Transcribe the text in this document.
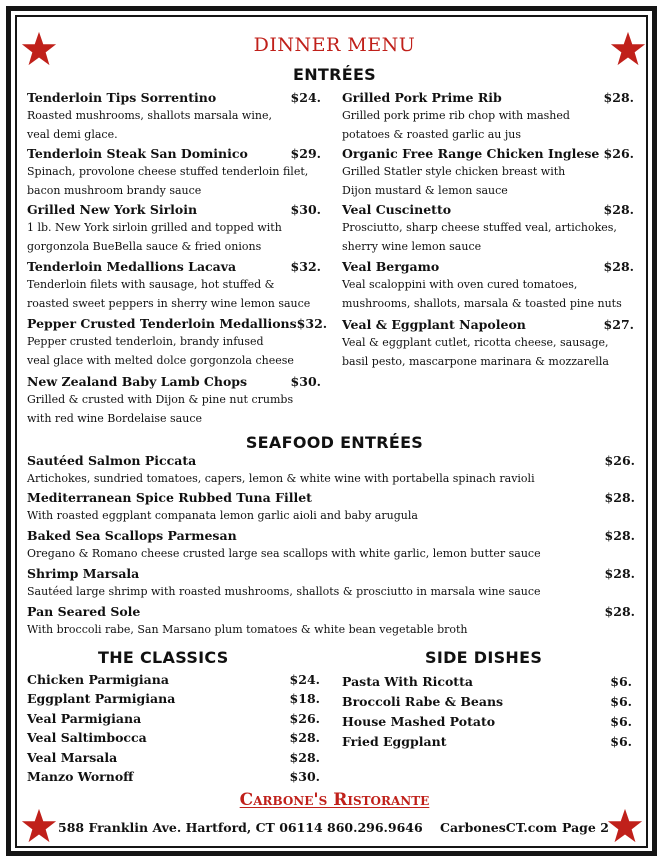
DINNER MENU
ENTRÉES
Tenderloin Tips Sorrentino	$24.
Roasted mushrooms, shallots marsala wine,
veal demi glace.
Tenderloin Steak San Dominico	$29.
Spinach, provolone cheese stuffed tenderloin filet,
bacon mushroom brandy sauce
Grilled New York Sirloin	$30.
1 lb. New York sirloin grilled and topped with
gorgonzola BueBella sauce & fried onions
Tenderloin Medallions Lacava	$32.
Tenderloin filets with sausage, hot stuffed &
roasted sweet peppers in sherry wine lemon sauce
Pepper Crusted Tenderloin Medallions $32.
Pepper crusted tenderloin, brandy infused
veal glace with melted dolce gorgonzola cheese
New Zealand Baby Lamb Chops	$30.
Grilled & crusted with Dijon & pine nut crumbs
with red wine Bordelaise sauce
Grilled Pork Prime Rib	$28.
Grilled pork prime rib chop with mashed
potatoes & roasted garlic au jus
Organic Free Range Chicken Inglese $26.
Grilled Statler style chicken breast with
Dijon mustard & lemon sauce
Veal Cuscinetto	$28.
Prosciutto, sharp cheese stuffed veal, artichokes,
sherry wine lemon sauce
Veal Bergamo	$28.
Veal scaloppini with oven cured tomatoes,
mushrooms, shallots, marsala & toasted pine nuts
Veal & Eggplant Napoleon	$27.
Veal & eggplant cutlet, ricotta cheese, sausage,
basil pesto, mascarpone marinara & mozzarella
SEAFOOD ENTRÉES
Sautéed Salmon Piccata	$26.
Artichokes, sundried tomatoes, capers, lemon & white wine with portabella spinach ravioli
Mediterranean Spice Rubbed Tuna Fillet	$28.
With roasted eggplant companata lemon garlic aioli and baby arugula
Baked Sea Scallops Parmesan	$28.
Oregano & Romano cheese crusted large sea scallops with white garlic, lemon butter sauce
Shrimp Marsala	$28.
Sautéed large shrimp with roasted mushrooms, shallots & prosciutto in marsala wine sauce
Pan Seared Sole	$28.
With broccoli rabe, San Marsano plum tomatoes & white bean vegetable broth
THE CLASSICS	SIDE DISHES
Chicken Parmigiana	$24.
Eggplant Parmigiana	$18.
Veal Parmigiana	$26.
Veal Saltimbocca	$28.
Veal Marsala	$28.
Manzo Wornoff	$30.
Pasta With Ricotta	$6.
Broccoli Rabe & Beans	$6.
House Mashed Potato	$6.
Fried Eggplant	$6.
Carbone's Ristorante
588 Franklin Ave. Hartford, CT 06114 860.296.9646 CarbonesCT.com Page 2
